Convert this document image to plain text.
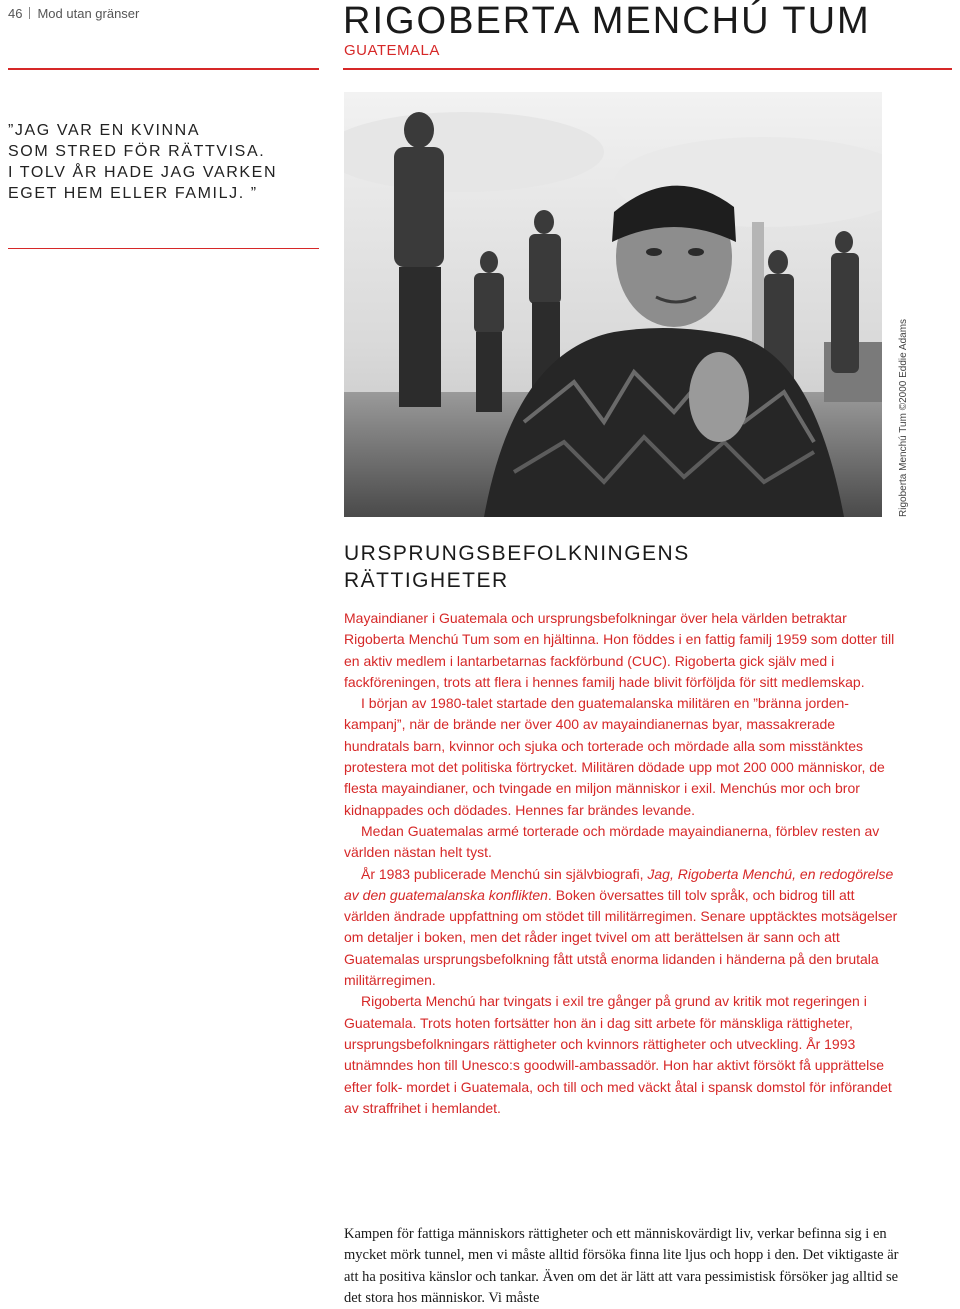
46 Mod utan gränser	RIGOBERTA MENCHÚ TUM
GUATEMALA
”JAG VAR EN KVINNA
SOM STRED FÖR RÄTTVISA.
I TOLV ÅR HADE JAG VARKEN
EGET HEM ELLER FAMILJ. ”
Rigoberta Menchú Tum ©2000 Eddie Adams
URSPRUNGSBEFOLKNINGENS
RÄTTIGHETER

Mayaindianer i Guatemala och ursprungsbefolkningar över hela världen betraktar Rigoberta Menchú Tum som en hjältinna. Hon föddes i en fattig familj 1959 som dotter till en aktiv medlem i lantarbetarnas fackförbund (CUC). Rigoberta gick själv med i fackföreningen, trots att flera i hennes familj hade blivit förföljda för sitt medlemskap.

I början av 1980-talet startade den guatemalanska militären en ”bränna jorden-kampanj”, när de brände ner över 400 av mayaindianernas byar, massakrerade hundratals barn, kvinnor och sjuka och torterade och mördade alla som misstänktes protestera mot det politiska förtrycket. Militären dödade upp mot 200 000 människor, de flesta mayaindianer, och tvingade en miljon människor i exil. Menchús mor och bror kidnappades och dödades. Hennes far brändes levande.

Medan Guatemalas armé torterade och mördade mayaindianerna, förblev resten av världen nästan helt tyst.

År 1983 publicerade Menchú sin självbiografi, Jag, Rigoberta Menchú, en redogörelse av den guatemalanska konflikten. Boken översattes till tolv språk, och bidrog till att världen ändrade uppfattning om stödet till militärregimen. Senare upptäcktes motsägelser om detaljer i boken, men det råder inget tvivel om att berättelsen är sann och att Guatemalas ursprungsbefolkning fått utstå enorma lidanden i händerna på den brutala militärregimen.

Rigoberta Menchú har tvingats i exil tre gånger på grund av kritik mot regeringen i Guatemala. Trots hoten fortsätter hon än i dag sitt arbete för mänskliga rättigheter, ursprungsbefolkningars rättigheter och kvinnors rättigheter och utveckling. År 1993 utnämndes hon till Unesco:s goodwill-ambassadör. Hon har aktivt försökt få upprättelse efter folk- mordet i Guatemala, och till och med väckt åtal i spansk domstol för införandet av straffrihet i hemlandet.

Kampen för fattiga människors rättigheter och ett människovärdigt liv, verkar befinna sig i en mycket mörk tunnel, men vi måste alltid försöka finna lite ljus och hopp i den. Det viktigaste är att ha positiva känslor och tankar. Även om det är lätt att vara pessimistisk försöker jag alltid se det stora hos människor. Vi måste
